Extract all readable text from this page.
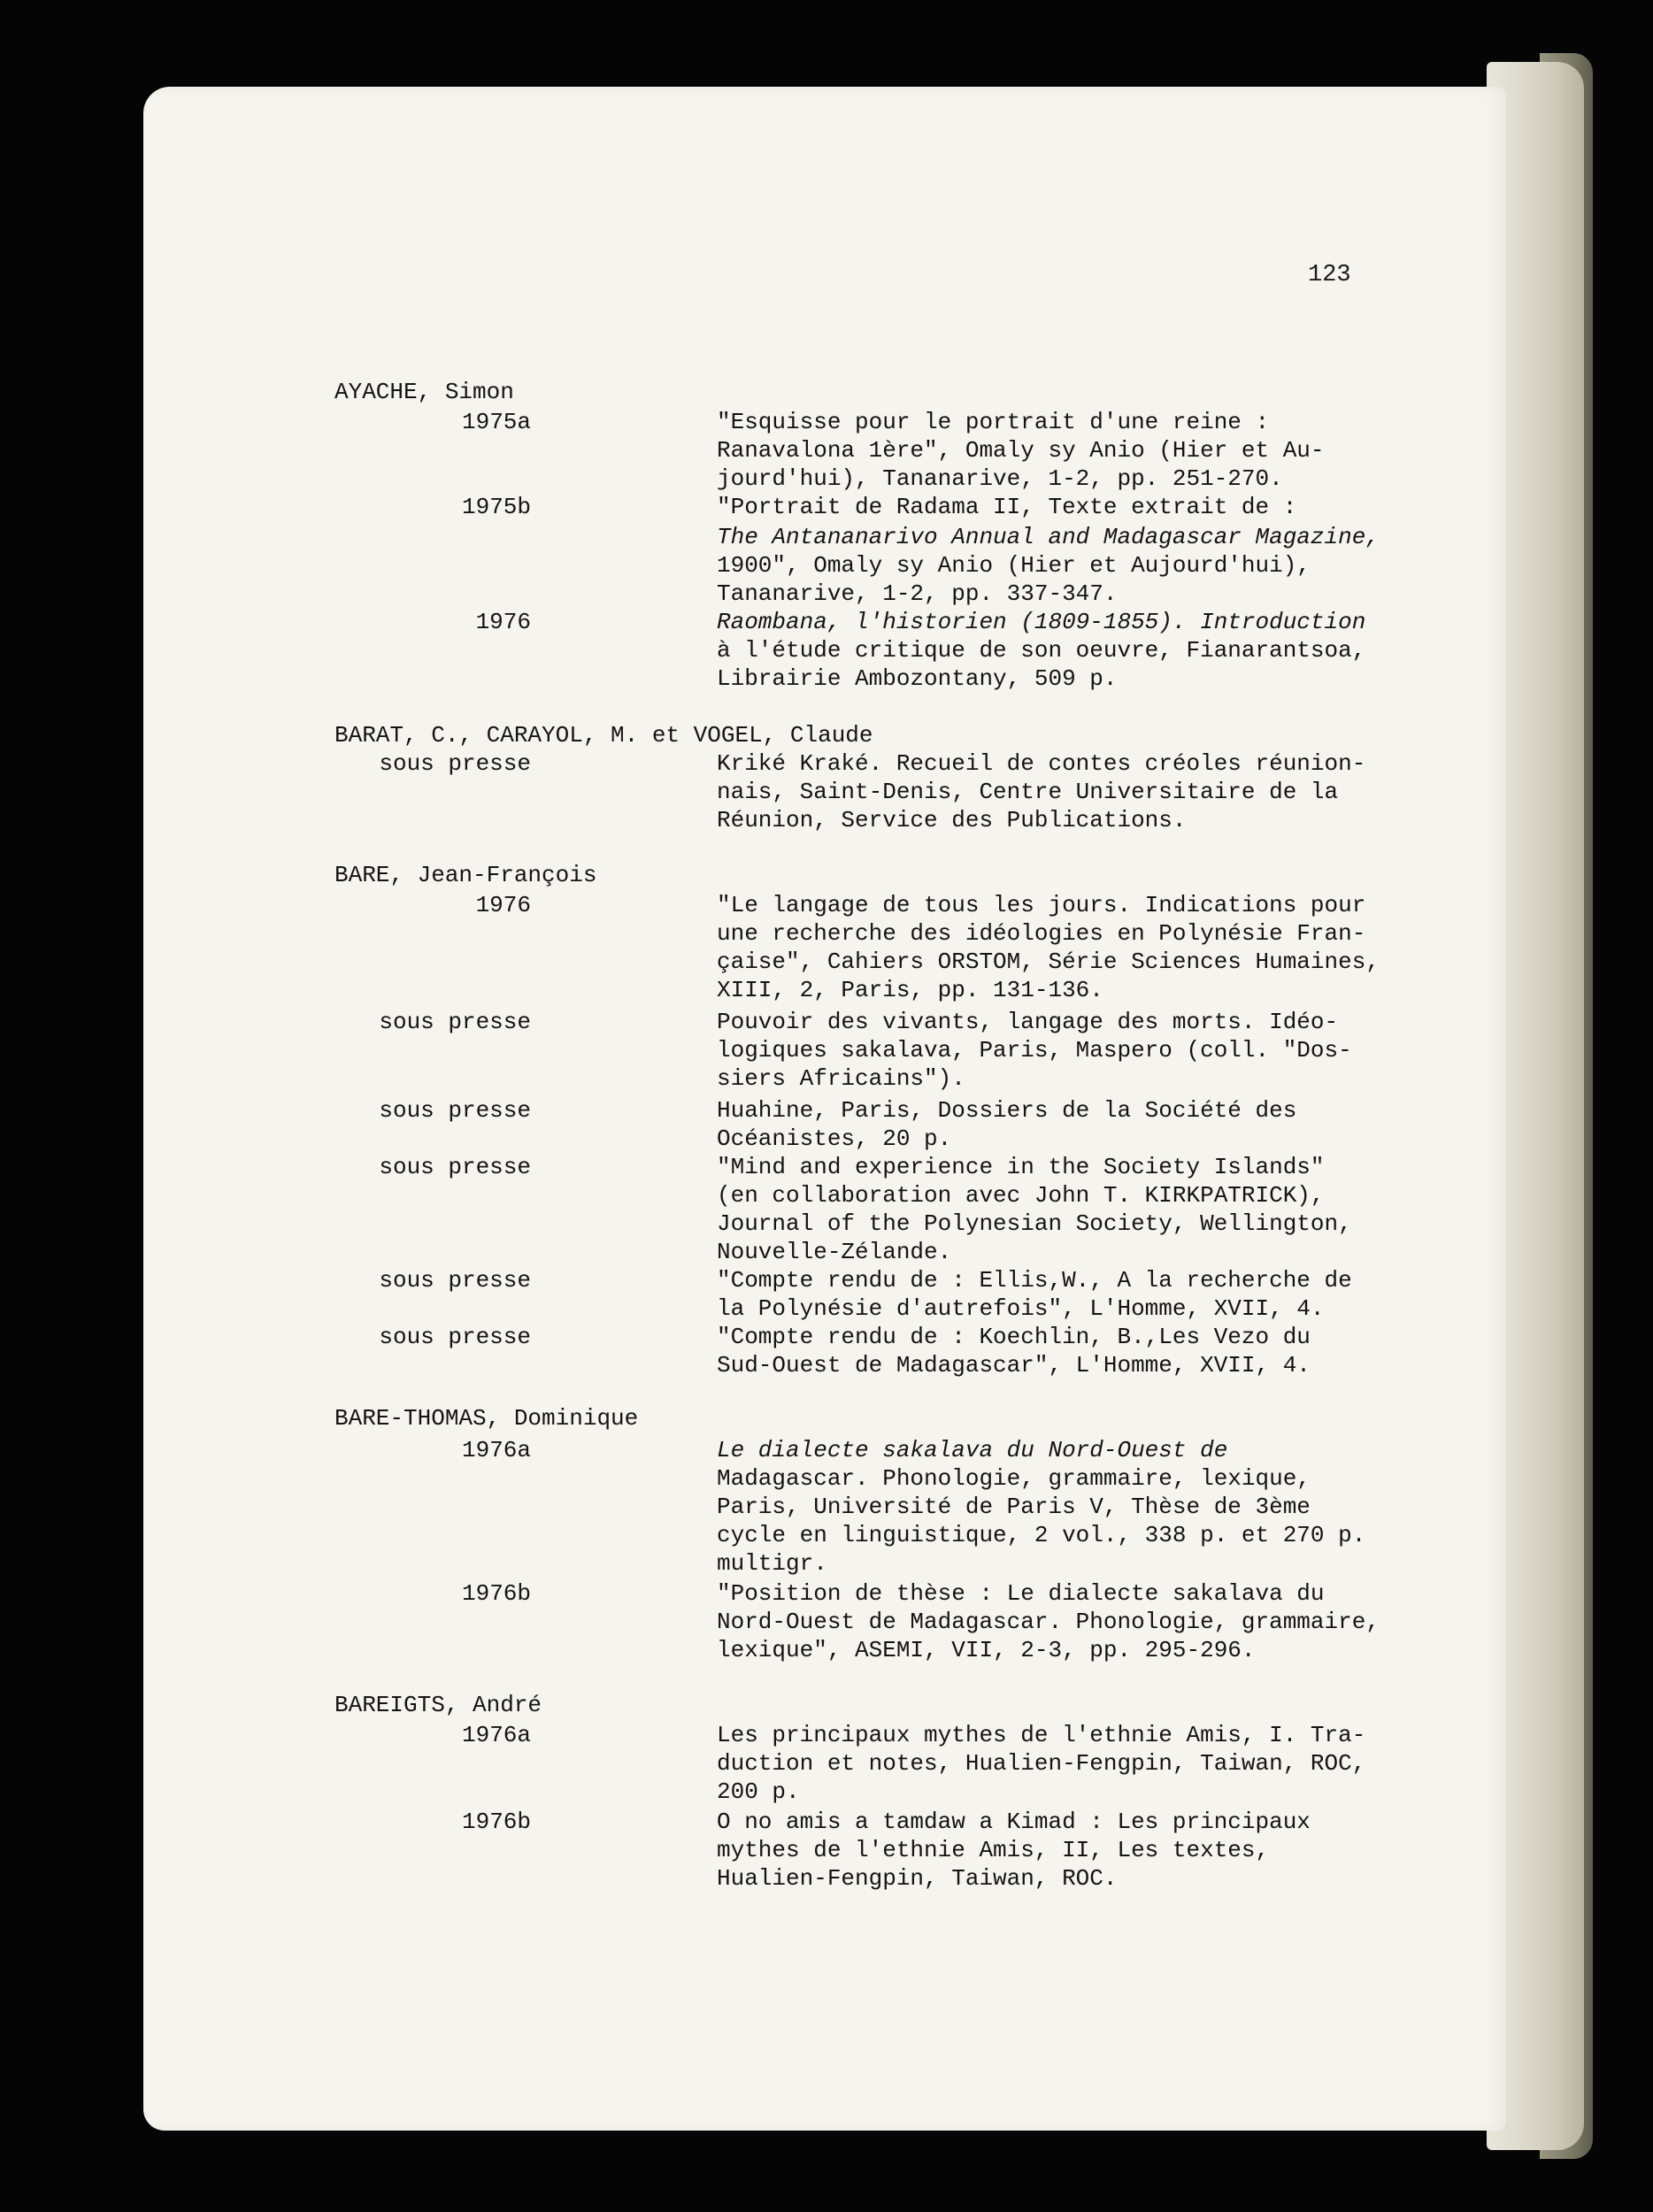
123
AYACHE, Simon
BARAT, C., CARAYOL, M. et VOGEL, Claude
BARE, Jean-François
BARE-THOMAS, Dominique
BAREIGTS, André
1975a
1975b
1976
sous presse
1976
sous presse
sous presse
sous presse
sous presse
sous presse
1976a
1976b
1976a
1976b
"Esquisse pour le portrait d'une reine :
Ranavalona 1ère", Omaly sy Anio (Hier et Au-
jourd'hui), Tananarive, 1-2, pp. 251-270.
"Portrait de Radama II, Texte extrait de :
The Antananarivo Annual and Madagascar Magazine,
1900", Omaly sy Anio (Hier et Aujourd'hui),
Tananarive, 1-2, pp. 337-347.
Raombana, l'historien (1809-1855). Introduction
à l'étude critique de son oeuvre, Fianarantsoa,
Librairie Ambozontany, 509 p.
Kriké Kraké. Recueil de contes créoles réunion-
nais, Saint-Denis, Centre Universitaire de la
Réunion, Service des Publications.
"Le langage de tous les jours. Indications pour
une recherche des idéologies en Polynésie Fran-
çaise", Cahiers ORSTOM, Série Sciences Humaines,
XIII, 2, Paris, pp. 131-136.
Pouvoir des vivants, langage des morts. Idéo-
logiques sakalava, Paris, Maspero (coll. "Dos-
siers Africains").
Huahine, Paris, Dossiers de la Société des
Océanistes, 20 p.
"Mind and experience in the Society Islands"
(en collaboration avec John T. KIRKPATRICK),
Journal of the Polynesian Society, Wellington,
Nouvelle-Zélande.
"Compte rendu de : Ellis,W., A la recherche de
la Polynésie d'autrefois", L'Homme, XVII, 4.
"Compte rendu de : Koechlin, B.,Les Vezo du
Sud-Ouest de Madagascar", L'Homme, XVII, 4.
Le dialecte sakalava du Nord-Ouest de
Madagascar. Phonologie, grammaire, lexique,
Paris, Université de Paris V, Thèse de 3ème
cycle en linguistique, 2 vol., 338 p. et 270 p.
multigr.
"Position de thèse : Le dialecte sakalava du
Nord-Ouest de Madagascar. Phonologie, grammaire,
lexique", ASEMI, VII, 2-3, pp. 295-296.
Les principaux mythes de l'ethnie Amis, I. Tra-
duction et notes, Hualien-Fengpin, Taiwan, ROC,
200 p.
O no amis a tamdaw a Kimad : Les principaux
mythes de l'ethnie Amis, II, Les textes,
Hualien-Fengpin, Taiwan, ROC.
